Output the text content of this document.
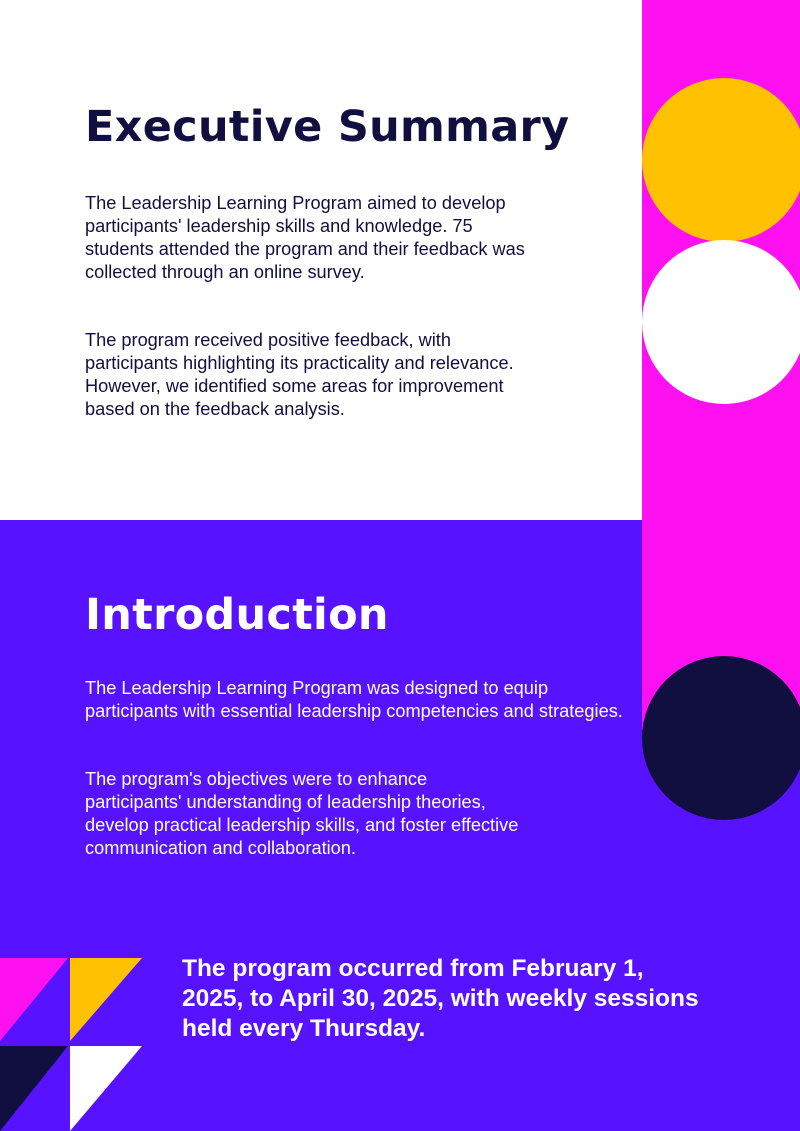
Executive Summary

The Leadership Learning Program aimed to develop participants' leadership skills and knowledge. 75 students attended the program and their feedback was collected through an online survey.

The program received positive feedback, with participants highlighting its practicality and relevance. However, we identified some areas for improvement based on the feedback analysis.

Introduction

The Leadership Learning Program was designed to equip participants with essential leadership competencies and strategies.

The program's objectives were to enhance participants' understanding of leadership theories, develop practical leadership skills, and foster effective communication and collaboration.

The program occurred from February 1, 2025, to April 30, 2025, with weekly sessions held every Thursday.
